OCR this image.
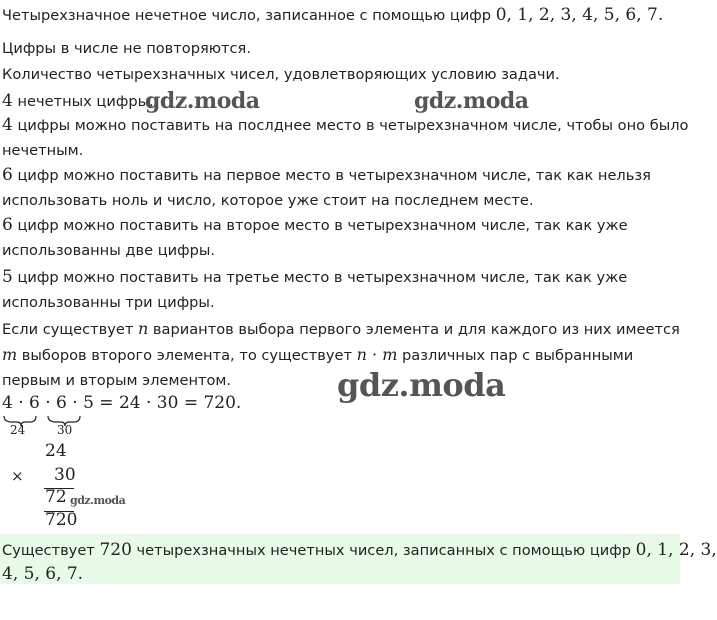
Четырехзначное нечетное число, записанное с помощью цифр 0, 1, 2, 3, 4, 5, 6, 7.
Цифры в числе не повторяются.
Количество четырехзначных чисел, удовлетворяющих условию задачи.
4 нечетных цифры.
4 цифры можно поставить на послднее место в четырехзначном числе, чтобы оно было
нечетным.
6 цифр можно поставить на первое место в четырехзначном числе, так как нельзя
использовать ноль и число, которое уже стоит на последнем месте.
6 цифр можно поставить на второе место в четырехзначном числе, так как уже
использованны две цифры.
5 цифр можно поставить на третье место в четырехзначном числе, так как уже
использованны три цифры.
Если существует n вариантов выбора первого элемента и для каждого из них имеется
m выборов второго элемента, то существует n · m различных пар с выбранными
первым и вторым элементом.
4 · 6 · 6 · 5 = 24 · 30 = 720.
24	30
24
× 30
72
720
Существует 720 четырехзначных нечетных чисел, записанных с помощью цифр 0, 1, 2, 3,
4, 5, 6, 7.
gdz.moda	gdz.moda
gdz.moda
gdz.moda
